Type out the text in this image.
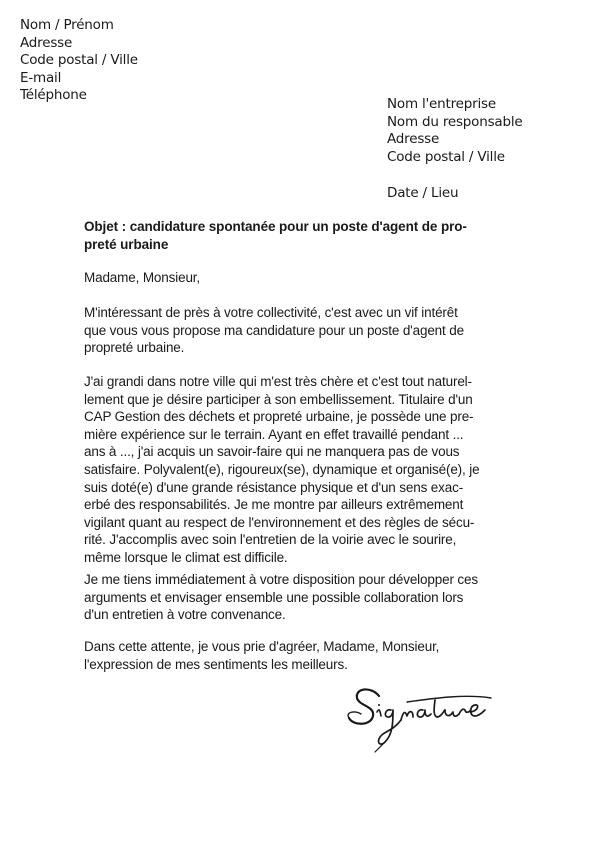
Nom / Prénom
Adresse
Code postal / Ville
E-mail
Téléphone
Nom l'entreprise
Nom du responsable
Adresse
Code postal / Ville
Date / Lieu
Objet : candidature spontanée pour un poste d'agent de pro-
preté urbaine
Madame, Monsieur,
M'intéressant de près à votre collectivité, c'est avec un vif intérêt
que vous vous propose ma candidature pour un poste d'agent de
propreté urbaine.
J'ai grandi dans notre ville qui m'est très chère et c'est tout naturel-
lement que je désire participer à son embellissement. Titulaire d'un
CAP Gestion des déchets et propreté urbaine, je possède une pre-
mière expérience sur le terrain. Ayant en effet travaillé pendant ...
ans à ..., j'ai acquis un savoir-faire qui ne manquera pas de vous
satisfaire. Polyvalent(e), rigoureux(se), dynamique et organisé(e), je
suis doté(e) d'une grande résistance physique et d'un sens exac-
erbé des responsabilités. Je me montre par ailleurs extrêmement
vigilant quant au respect de l'environnement et des règles de sécu-
rité. J'accomplis avec soin l'entretien de la voirie avec le sourire,
même lorsque le climat est difficile.
Je me tiens immédiatement à votre disposition pour développer ces
arguments et envisager ensemble une possible collaboration lors
d'un entretien à votre convenance.
Dans cette attente, je vous prie d'agréer, Madame, Monsieur,
l'expression de mes sentiments les meilleurs.
